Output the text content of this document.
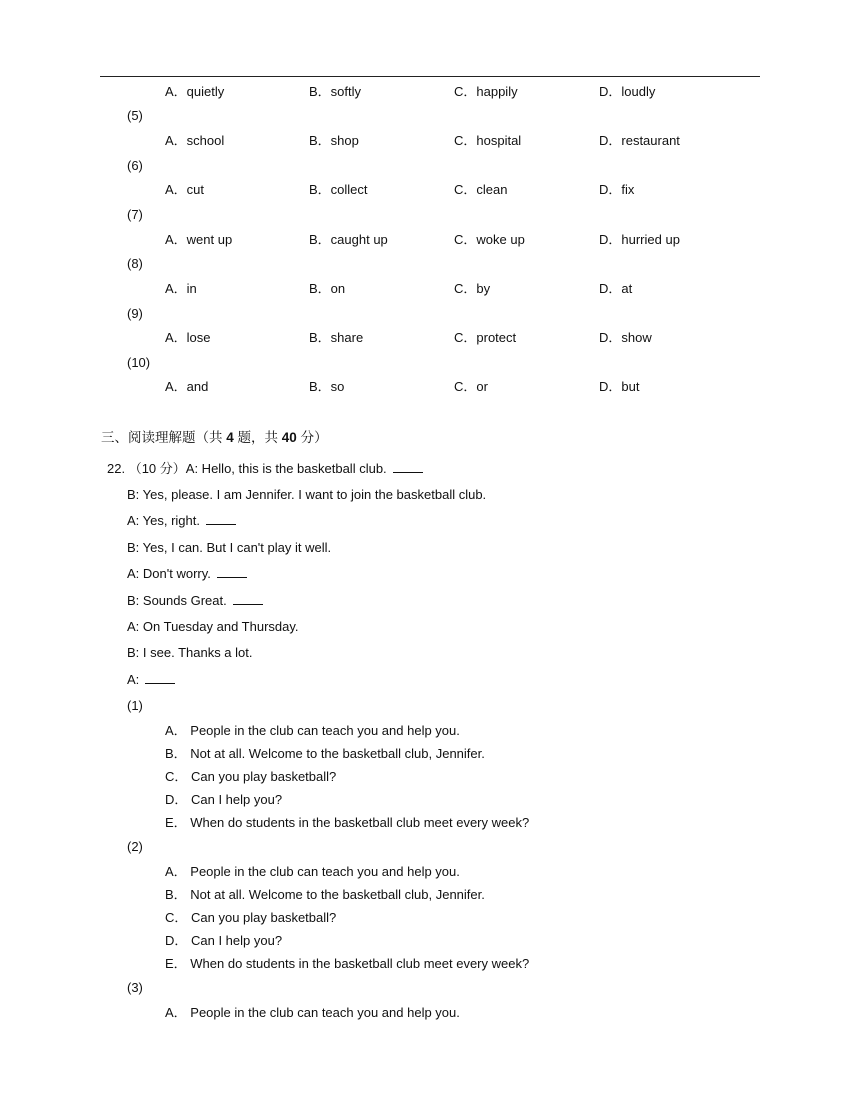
A．quietly	B．softly	C．happily	D．loudly
(5)
A．school	B．shop	C．hospital	D．restaurant
(6)
A．cut	B．collect	C．clean	D．fix
(7)
A．went up	B．caught up	C．woke up	D．hurried up
(8)
A．in	B．on	C．by	D．at
(9)
A．lose	B．share	C．protect	D．show
(10)
A．and	B．so	C．or	D．but
三、阅读理解题（共 4 题，共 40 分）
22. （10 分）A: Hello, this is the basketball club.
B: Yes, please. I am Jennifer. I want to join the basketball club.
A: Yes, right.
B: Yes, I can. But I can't play it well.
A: Don't worry.
B: Sounds Great.
A: On Tuesday and Thursday.
B: I see. Thanks a lot.
A:
(1)
A． People in the club can teach you and help you.
B． Not at all. Welcome to the basketball club, Jennifer.
C． Can you play basketball?
D． Can I help you?
E． When do students in the basketball club meet every week?
(2)
A． People in the club can teach you and help you.
B． Not at all. Welcome to the basketball club, Jennifer.
C． Can you play basketball?
D． Can I help you?
E． When do students in the basketball club meet every week?
(3)
A． People in the club can teach you and help you.
